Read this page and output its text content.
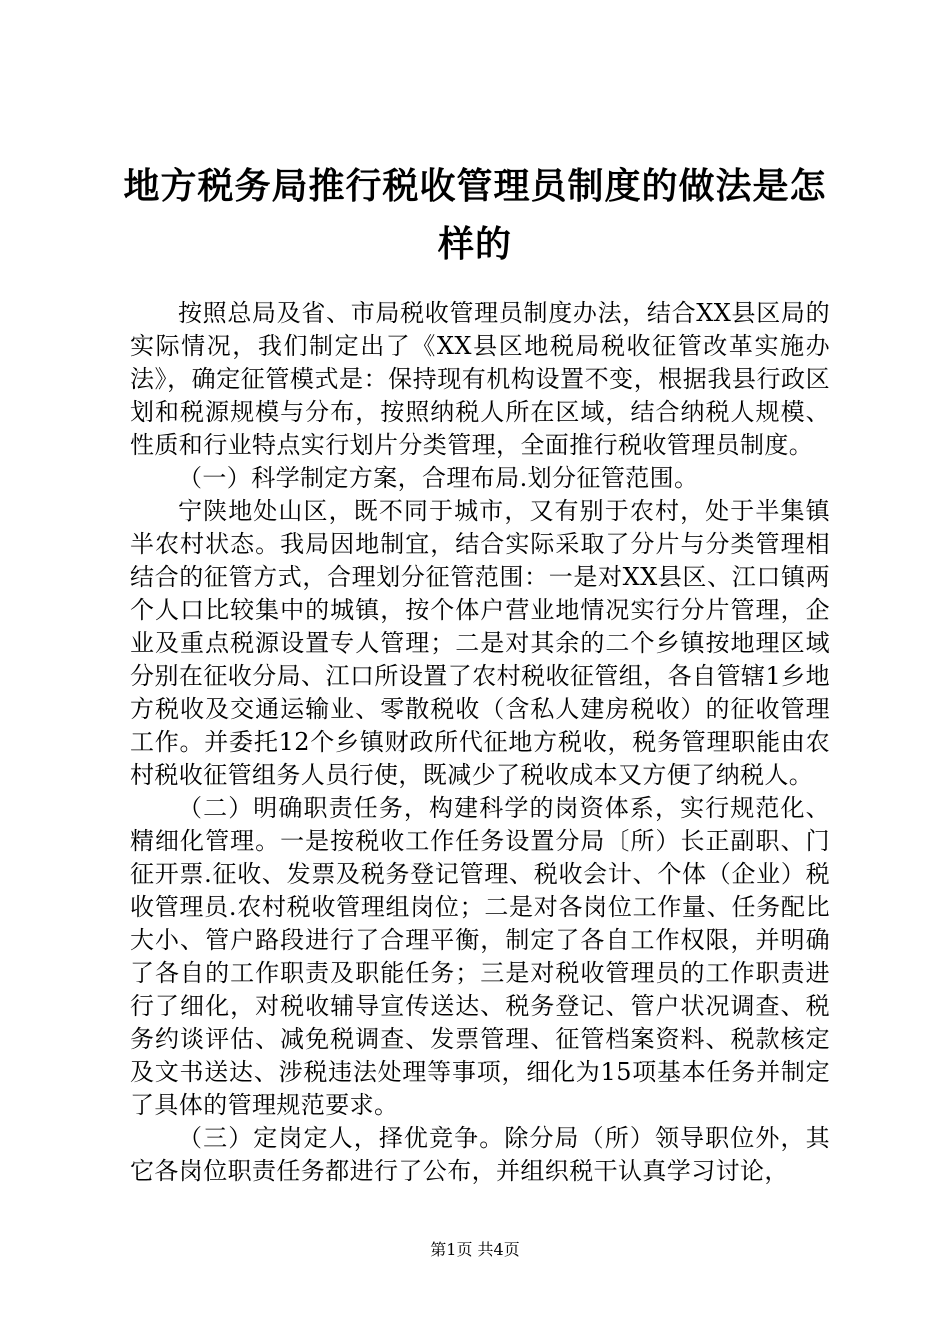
地方税务局推行税收管理员制度的做法是怎样的

按照总局及省、市局税收管理员制度办法，结合XX县区局的实际情况，我们制定出了《XX县区地税局税收征管改革实施办法》，确定征管模式是：保持现有机构设置不变，根据我县行政区划和税源规模与分布，按照纳税人所在区域，结合纳税人规模、性质和行业特点实行划片分类管理，全面推行税收管理员制度。

（一）科学制定方案，合理布局.划分征管范围。

宁陕地处山区，既不同于城市，又有别于农村，处于半集镇半农村状态。我局因地制宜，结合实际采取了分片与分类管理相结合的征管方式，合理划分征管范围：一是对XX县区、江口镇两个人口比较集中的城镇，按个体户营业地情况实行分片管理，企业及重点税源设置专人管理；二是对其余的二个乡镇按地理区域分别在征收分局、江口所设置了农村税收征管组，各自管辖1乡地方税收及交通运输业、零散税收（含私人建房税收）的征收管理工作。并委托12个乡镇财政所代征地方税收，税务管理职能由农村税收征管组务人员行使，既减少了税收成本又方便了纳税人。

（二）明确职责任务，构建科学的岗资体系，实行规范化、精细化管理。一是按税收工作任务设置分局〔所）长正副职、门征开票.征收、发票及税务登记管理、税收会计、个体（企业）税收管理员.农村税收管理组岗位；二是对各岗位工作量、任务配比大小、管户路段进行了合理平衡，制定了各自工作权限，并明确了各自的工作职责及职能任务；三是对税收管理员的工作职责进行了细化，对税收辅导宣传送达、税务登记、管户状况调查、税务约谈评估、减免税调查、发票管理、征管档案资料、税款核定及文书送达、涉税违法处理等事项，细化为15项基本任务并制定了具体的管理规范要求。

（三）定岗定人，择优竞争。除分局（所）领导职位外，其它各岗位职责任务都进行了公布，并组织税干认真学习讨论，

第1页 共4页
